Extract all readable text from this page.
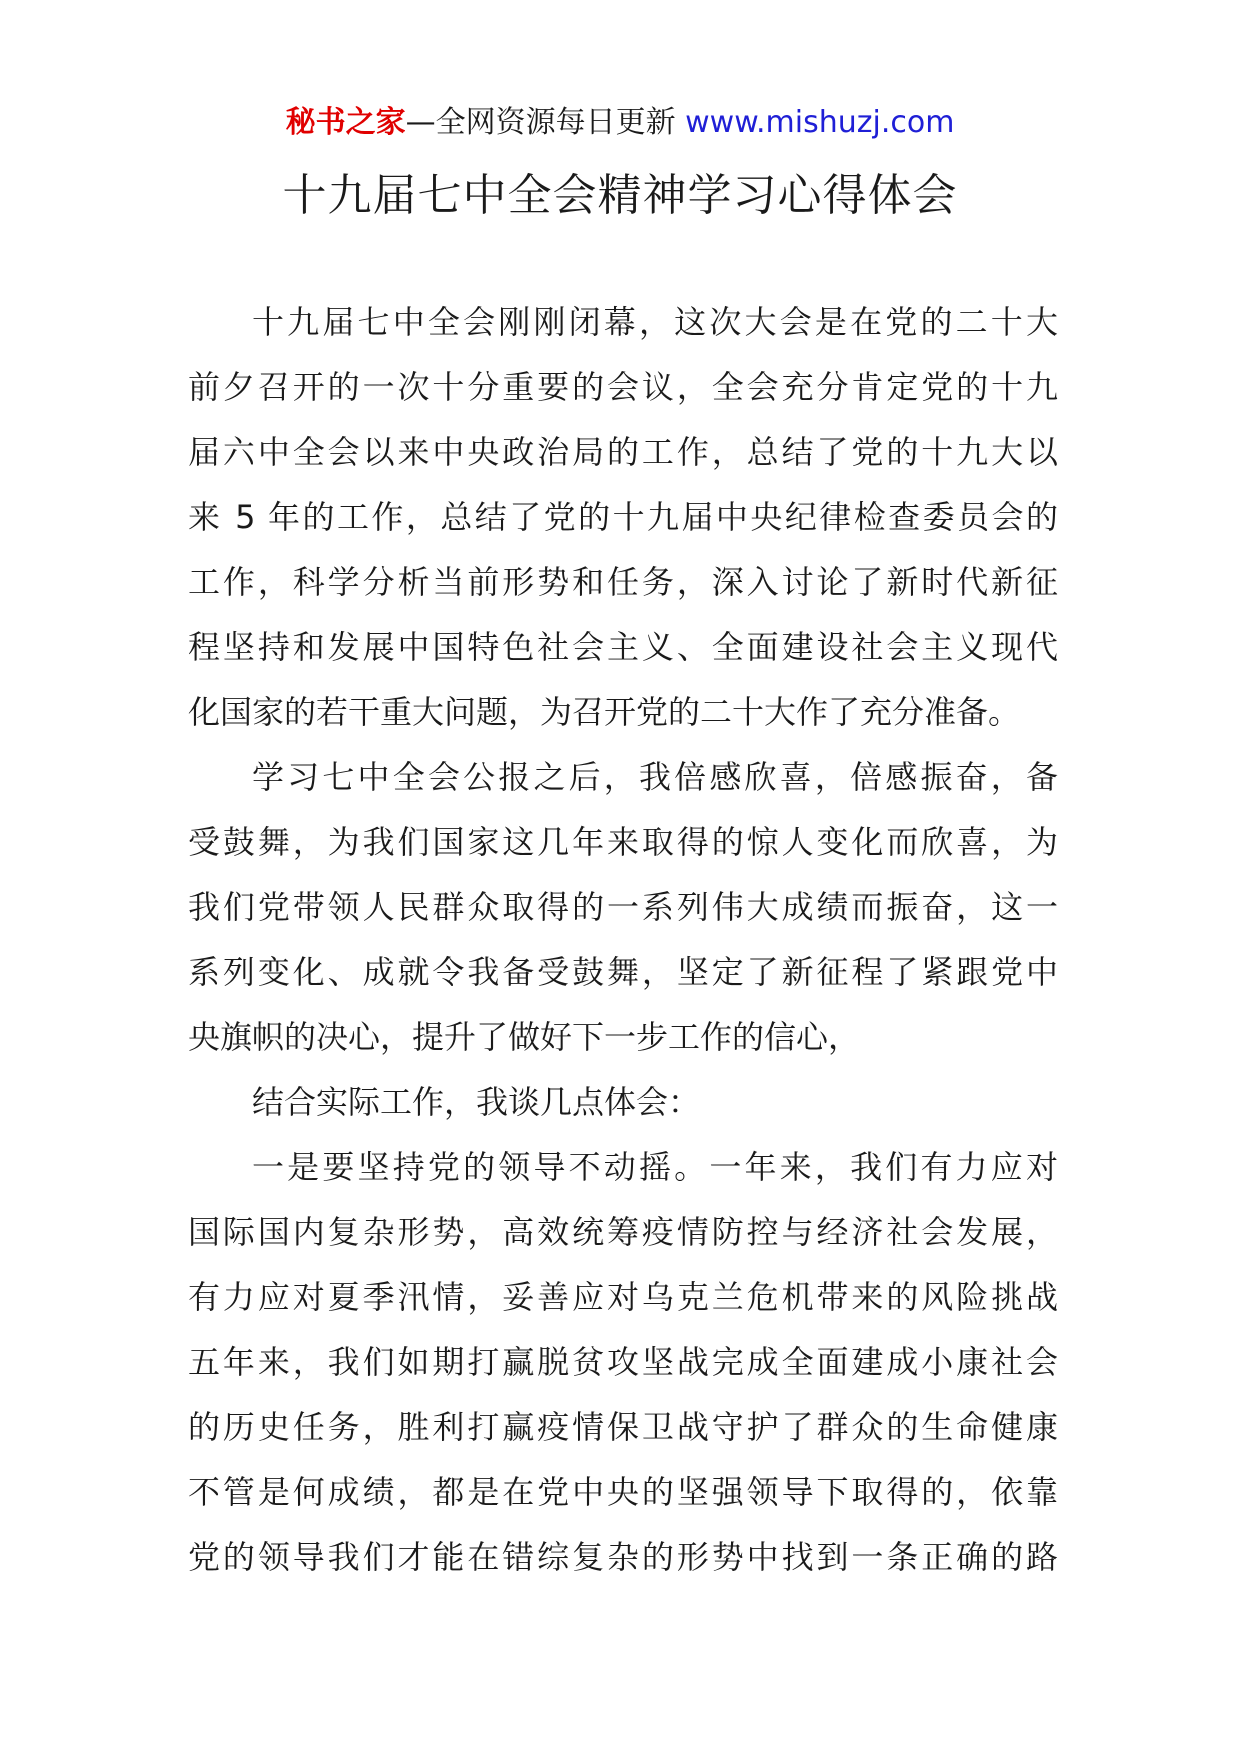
秘书之家—全网资源每日更新 www.mishuzj.com
十九届七中全会精神学习心得体会
十九届七中全会刚刚闭幕，这次大会是在党的二十大
前夕召开的一次十分重要的会议，全会充分肯定党的十九
届六中全会以来中央政治局的工作，总结了党的十九大以
来 5 年的工作，总结了党的十九届中央纪律检查委员会的
工作，科学分析当前形势和任务，深入讨论了新时代新征
程坚持和发展中国特色社会主义、全面建设社会主义现代
化国家的若干重大问题，为召开党的二十大作了充分准备。
学习七中全会公报之后，我倍感欣喜，倍感振奋，备
受鼓舞，为我们国家这几年来取得的惊人变化而欣喜，为
我们党带领人民群众取得的一系列伟大成绩而振奋，这一
系列变化、成就令我备受鼓舞，坚定了新征程了紧跟党中
央旗帜的决心，提升了做好下一步工作的信心，
结合实际工作，我谈几点体会：
一是要坚持党的领导不动摇。一年来，我们有力应对
国际国内复杂形势，高效统筹疫情防控与经济社会发展，
有力应对夏季汛情，妥善应对乌克兰危机带来的风险挑战
五年来，我们如期打赢脱贫攻坚战完成全面建成小康社会
的历史任务，胜利打赢疫情保卫战守护了群众的生命健康
不管是何成绩，都是在党中央的坚强领导下取得的，依靠
党的领导我们才能在错综复杂的形势中找到一条正确的路
